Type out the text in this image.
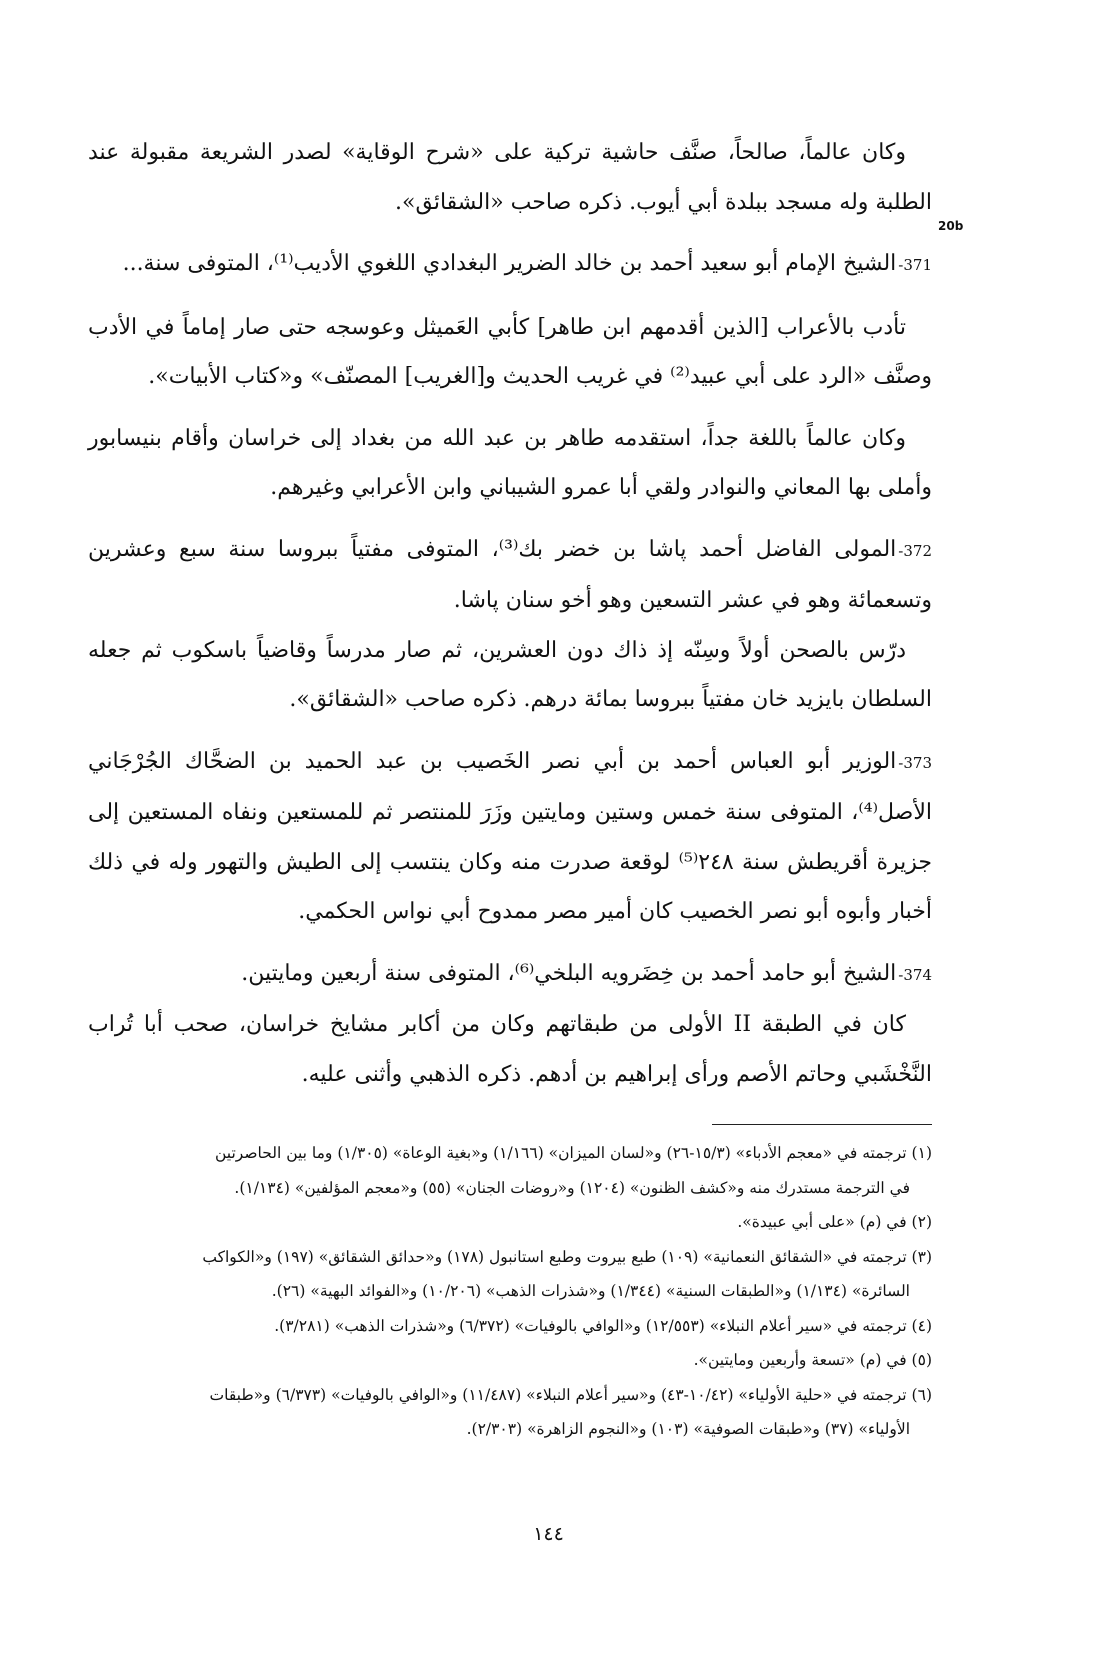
20b

وكان عالماً، صالحاً، صنَّف حاشية تركية على «شرح الوقاية» لصدر الشريعة مقبولة عند الطلبة وله مسجد ببلدة أبي أيوب. ذكره صاحب «الشقائق».

371-الشيخ الإمام أبو سعيد أحمد بن خالد الضرير البغدادي اللغوي الأديب⁽¹⁾، المتوفى سنة...

تأدب بالأعراب [الذين أقدمهم ابن طاهر] كأبي العَميثل وعوسجه حتى صار إماماً في الأدب وصنَّف «الرد على أبي عبيد⁽²⁾ في غريب الحديث و[الغريب] المصنّف» و«كتاب الأبيات».

وكان عالماً باللغة جداً، استقدمه طاهر بن عبد الله من بغداد إلى خراسان وأقام بنيسابور وأملى بها المعاني والنوادر ولقي أبا عمرو الشيباني وابن الأعرابي وغيرهم.

372-المولى الفاضل أحمد پاشا بن خضر بك⁽³⁾، المتوفى مفتياً ببروسا سنة سبع وعشرين وتسعمائة وهو في عشر التسعين وهو أخو سنان پاشا.

درّس بالصحن أولاً وسِنّه إذ ذاك دون العشرين، ثم صار مدرساً وقاضياً باسكوب ثم جعله السلطان بايزيد خان مفتياً ببروسا بمائة درهم. ذكره صاحب «الشقائق».

373-الوزير أبو العباس أحمد بن أبي نصر الخَصيب بن عبد الحميد بن الضحَّاك الجُرْجَاني الأصل⁽⁴⁾، المتوفى سنة خمس وستين ومايتين وزَرَ للمنتصر ثم للمستعين ونفاه المستعين إلى جزيرة أقريطش سنة ٢٤٨⁽⁵⁾ لوقعة صدرت منه وكان ينتسب إلى الطيش والتهور وله في ذلك أخبار وأبوه أبو نصر الخصيب كان أمير مصر ممدوح أبي نواس الحكمي.

374-الشيخ أبو حامد أحمد بن خِضَرويه البلخي⁽⁶⁾، المتوفى سنة أربعين ومايتين.

كان في الطبقة II الأولى من طبقاتهم وكان من أكابر مشايخ خراسان، صحب أبا تُراب النَّخْشَبي وحاتم الأصم ورأى إبراهيم بن أدهم. ذكره الذهبي وأثنى عليه.

(١) ترجمته في «معجم الأدباء» (١٥/٣-٢٦) و«لسان الميزان» (١/١٦٦) و«بغية الوعاة» (١/٣٠٥) وما بين الحاصرتين

في الترجمة مستدرك منه و«كشف الظنون» (١٢٠٤) و«روضات الجنان» (٥٥) و«معجم المؤلفين» (١/١٣٤).

(٢) في (م) «على أبي عبيدة».

(٣) ترجمته في «الشقائق النعمانية» (١٠٩) طبع بيروت وطبع استانبول (١٧٨) و«حدائق الشقائق» (١٩٧) و«الكواكب

السائرة» (١/١٣٤) و«الطبقات السنية» (١/٣٤٤) و«شذرات الذهب» (١٠/٢٠٦) و«الفوائد البهية» (٢٦).

(٤) ترجمته في «سير أعلام النبلاء» (١٢/٥٥٣) و«الوافي بالوفيات» (٦/٣٧٢) و«شذرات الذهب» (٣/٢٨١).

(٥) في (م) «تسعة وأربعين ومايتين».

(٦) ترجمته في «حلية الأولياء» (١٠/٤٢-٤٣) و«سير أعلام النبلاء» (١١/٤٨٧) و«الوافي بالوفيات» (٦/٣٧٣) و«طبقات

الأولياء» (٣٧) و«طبقات الصوفية» (١٠٣) و«النجوم الزاهرة» (٢/٣٠٣).

١٤٤
